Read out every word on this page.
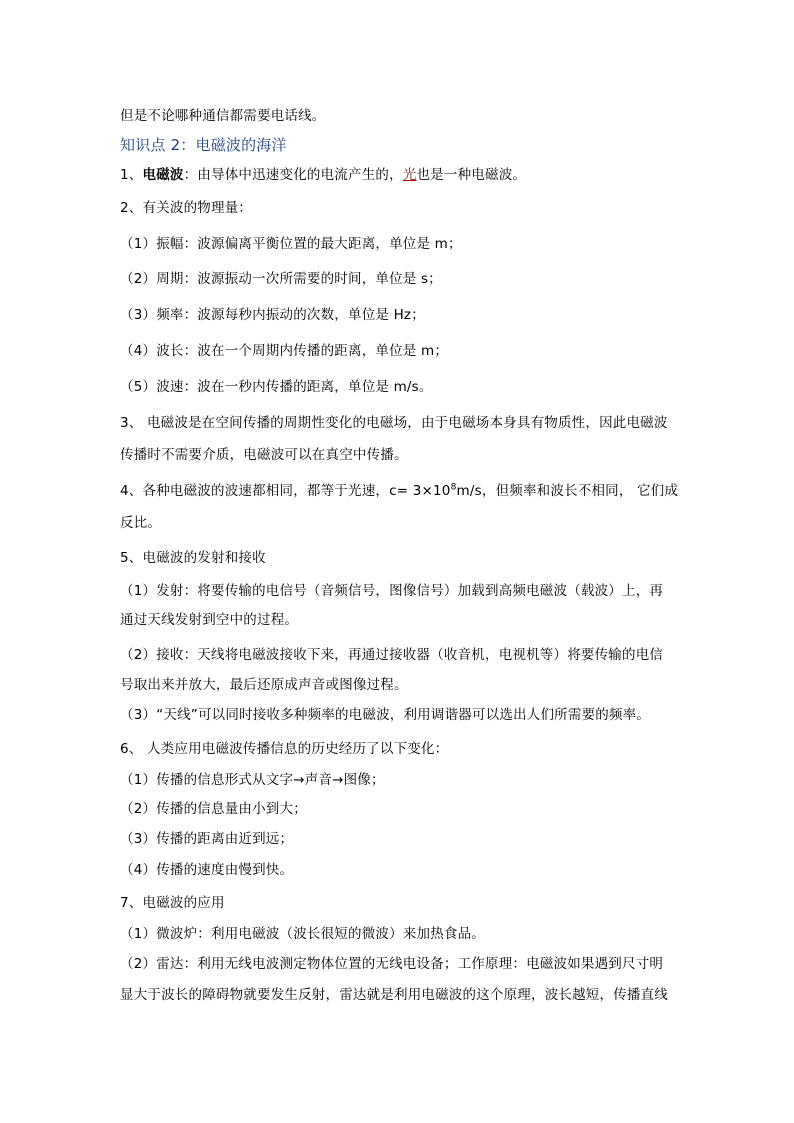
但是不论哪种通信都需要电话线。
知识点 2：电磁波的海洋
1、电磁波：由导体中迅速变化的电流产生的，光也是一种电磁波。
2、有关波的物理量：
（1）振幅：波源偏离平衡位置的最大距离，单位是 m；
（2）周期：波源振动一次所需要的时间，单位是 s；
（3）频率：波源每秒内振动的次数，单位是 Hz；
（4）波长：波在一个周期内传播的距离，单位是 m；
（5）波速：波在一秒内传播的距离，单位是 m/s。
3、 电磁波是在空间传播的周期性变化的电磁场，由于电磁场本身具有物质性，因此电磁波
传播时不需要介质，电磁波可以在真空中传播。
4、各种电磁波的波速都相同，都等于光速，$c= 3\times 10^8m/s$，但频率和波长不相同， 它们成
反比。
5、电磁波的发射和接收
（1）发射：将要传输的电信号（音频信号，图像信号）加载到高频电磁波（载波）上，再
通过天线发射到空中的过程。
（2）接收：天线将电磁波接收下来，再通过接收器（收音机，电视机等）将要传输的电信
号取出来并放大，最后还原成声音或图像过程。
（3）“天线”可以同时接收多种频率的电磁波，利用调谐器可以选出人们所需要的频率。
6、 人类应用电磁波传播信息的历史经历了以下变化：
（1）传播的信息形式从文字→声音→图像；
（2）传播的信息量由小到大；
（3）传播的距离由近到远；
（4）传播的速度由慢到快。
7、电磁波的应用
（1）微波炉：利用电磁波（波长很短的微波）来加热食品。
（2）雷达：利用无线电波测定物体位置的无线电设备；工作原理：电磁波如果遇到尺寸明
显大于波长的障碍物就要发生反射，雷达就是利用电磁波的这个原理，波长越短，传播直线
